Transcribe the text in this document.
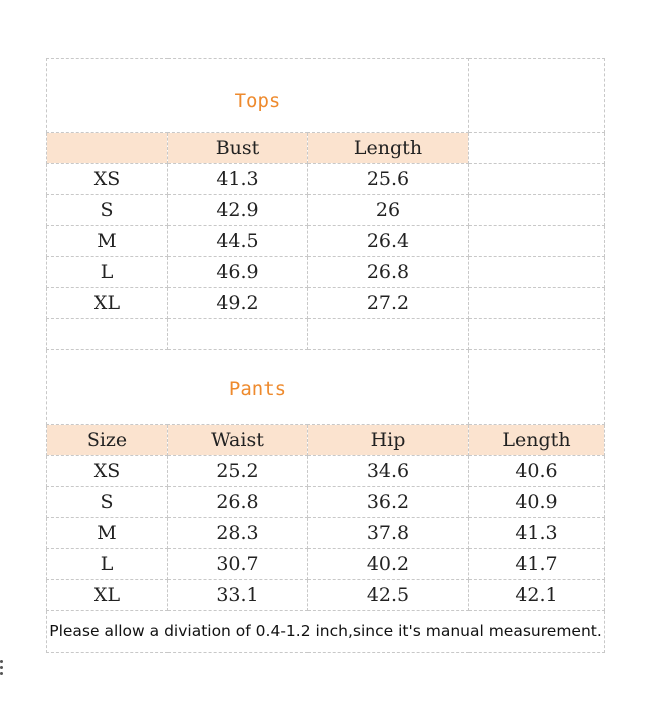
Tops			
	Bust	Length	
XS	41.3	25.6	
S	42.9	26	
M	44.5	26.4	
L	46.9	26.8	
XL	49.2	27.2	

Pants			
Size	Waist	Hip	Length
XS	25.2	34.6	40.6
S	26.8	36.2	40.9
M	28.3	37.8	41.3
L	30.7	40.2	41.7
XL	33.1	42.5	42.1
Please allow a diviation of 0.4-1.2 inch,since it's manual measurement.			
